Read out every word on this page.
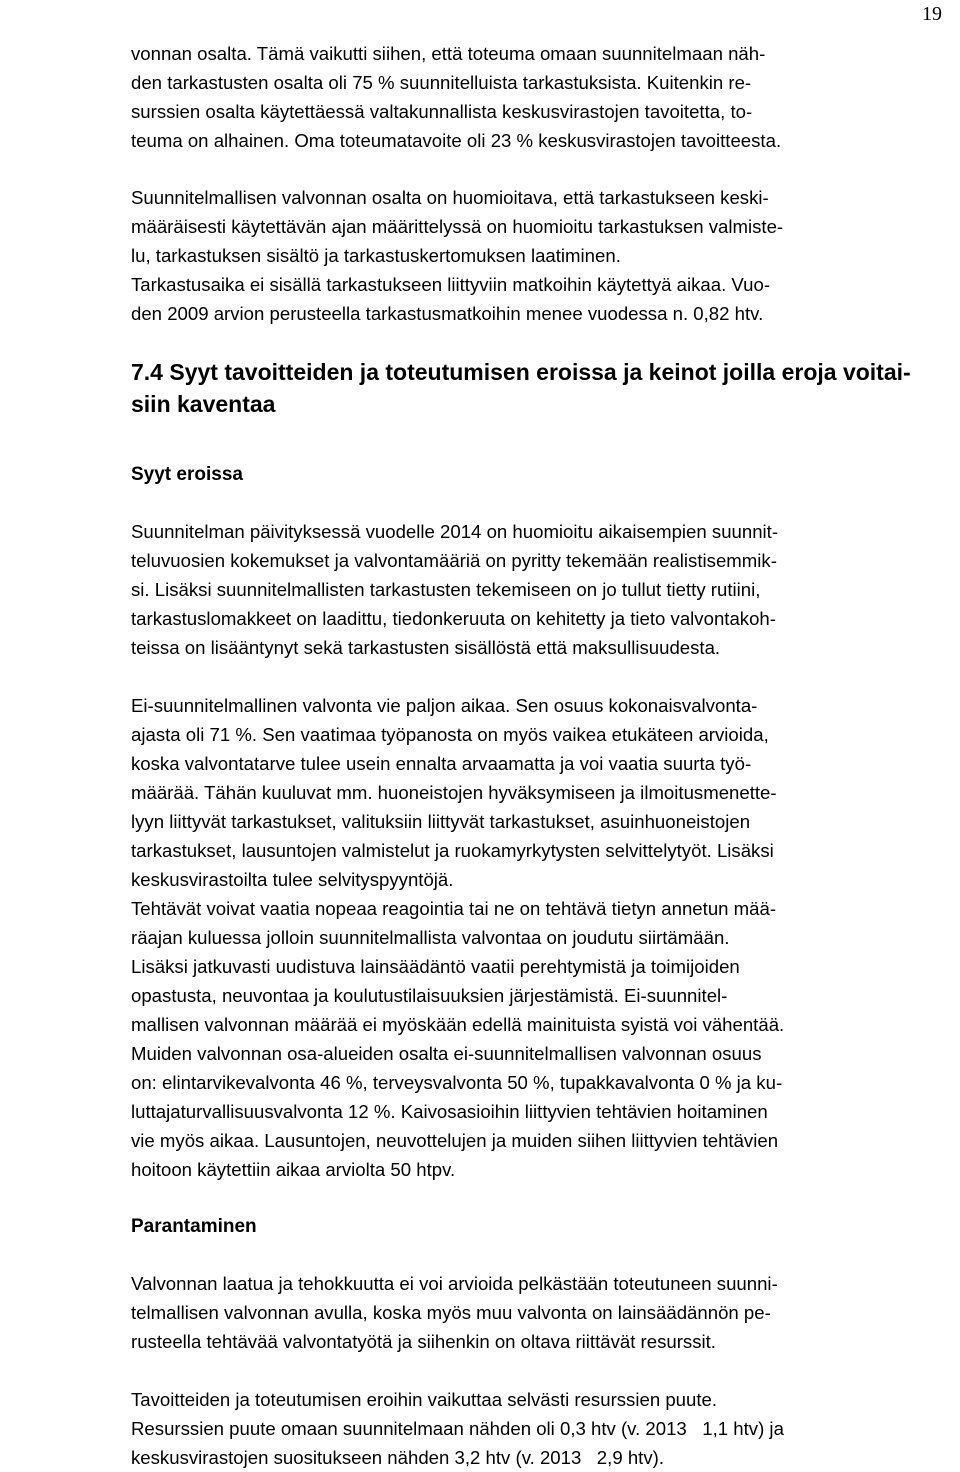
19

vonnan osalta. Tämä vaikutti siihen, että toteuma omaan suunnitelmaan näh-
den tarkastusten osalta oli 75 % suunnitelluista tarkastuksista. Kuitenkin re-
surssien osalta käytettäessä valtakunnallista keskusvirastojen tavoitetta, to-
teuma on alhainen. Oma toteumatavoite oli 23 % keskusvirastojen tavoitteesta.

Suunnitelmallisen valvonnan osalta on huomioitava, että tarkastukseen keski-
määräisesti käytettävän ajan määrittelyssä on huomioitu tarkastuksen valmiste-
lu, tarkastuksen sisältö ja tarkastuskertomuksen laatiminen.
Tarkastusaika ei sisällä tarkastukseen liittyviin matkoihin käytettyä aikaa. Vuo-
den 2009 arvion perusteella tarkastusmatkoihin menee vuodessa n. 0,82 htv.

7.4 Syyt tavoitteiden ja toteutumisen eroissa ja keinot joilla eroja voitai-
siin kaventaa
Syyt eroissa

Suunnitelman päivityksessä vuodelle 2014 on huomioitu aikaisempien suunnit-
teluvuosien kokemukset ja valvontamääriä on pyritty tekemään realistisemmik-
si. Lisäksi suunnitelmallisten tarkastusten tekemiseen on jo tullut tietty rutiini,
tarkastuslomakkeet on laadittu, tiedonkeruuta on kehitetty ja tieto valvontakoh-
teissa on lisääntynyt sekä tarkastusten sisällöstä että maksullisuudesta.

Ei-suunnitelmallinen valvonta vie paljon aikaa. Sen osuus kokonaisvalvonta-
ajasta oli 71 %. Sen vaatimaa työpanosta on myös vaikea etukäteen arvioida,
koska valvontatarve tulee usein ennalta arvaamatta ja voi vaatia suurta työ-
määrää. Tähän kuuluvat mm. huoneistojen hyväksymiseen ja ilmoitusmenette-
lyyn liittyvät tarkastukset, valituksiin liittyvät tarkastukset, asuinhuoneistojen
tarkastukset, lausuntojen valmistelut ja ruokamyrkytysten selvittelytyöt. Lisäksi
keskusvirastoilta tulee selvityspyyntöjä.
Tehtävät voivat vaatia nopeaa reagointia tai ne on tehtävä tietyn annetun mää-
räajan kuluessa jolloin suunnitelmallista valvontaa on joudutu siirtämään.
Lisäksi jatkuvasti uudistuva lainsäädäntö vaatii perehtymistä ja toimijoiden
opastusta, neuvontaa ja koulutustilaisuuksien järjestämistä. Ei-suunnitel-
mallisen valvonnan määrää ei myöskään edellä mainituista syistä voi vähentää.
Muiden valvonnan osa-alueiden osalta ei-suunnitelmallisen valvonnan osuus
on: elintarvikevalvonta 46 %, terveysvalvonta 50 %, tupakkavalvonta 0 % ja ku-
luttajaturvallisuusvalvonta 12 %. Kaivosasioihin liittyvien tehtävien hoitaminen
vie myös aikaa. Lausuntojen, neuvottelujen ja muiden siihen liittyvien tehtävien
hoitoon käytettiin aikaa arviolta 50 htpv.

Parantaminen

Valvonnan laatua ja tehokkuutta ei voi arvioida pelkästään toteutuneen suunni-
telmallisen valvonnan avulla, koska myös muu valvonta on lainsäädännön pe-
rusteella tehtävää valvontatyötä ja siihenkin on oltava riittävät resurssit.

Tavoitteiden ja toteutumisen eroihin vaikuttaa selvästi resurssien puute.
Resurssien puute omaan suunnitelmaan nähden oli 0,3 htv (v. 2013   1,1 htv) ja
keskusvirastojen suositukseen nähden 3,2 htv (v. 2013   2,9 htv).
